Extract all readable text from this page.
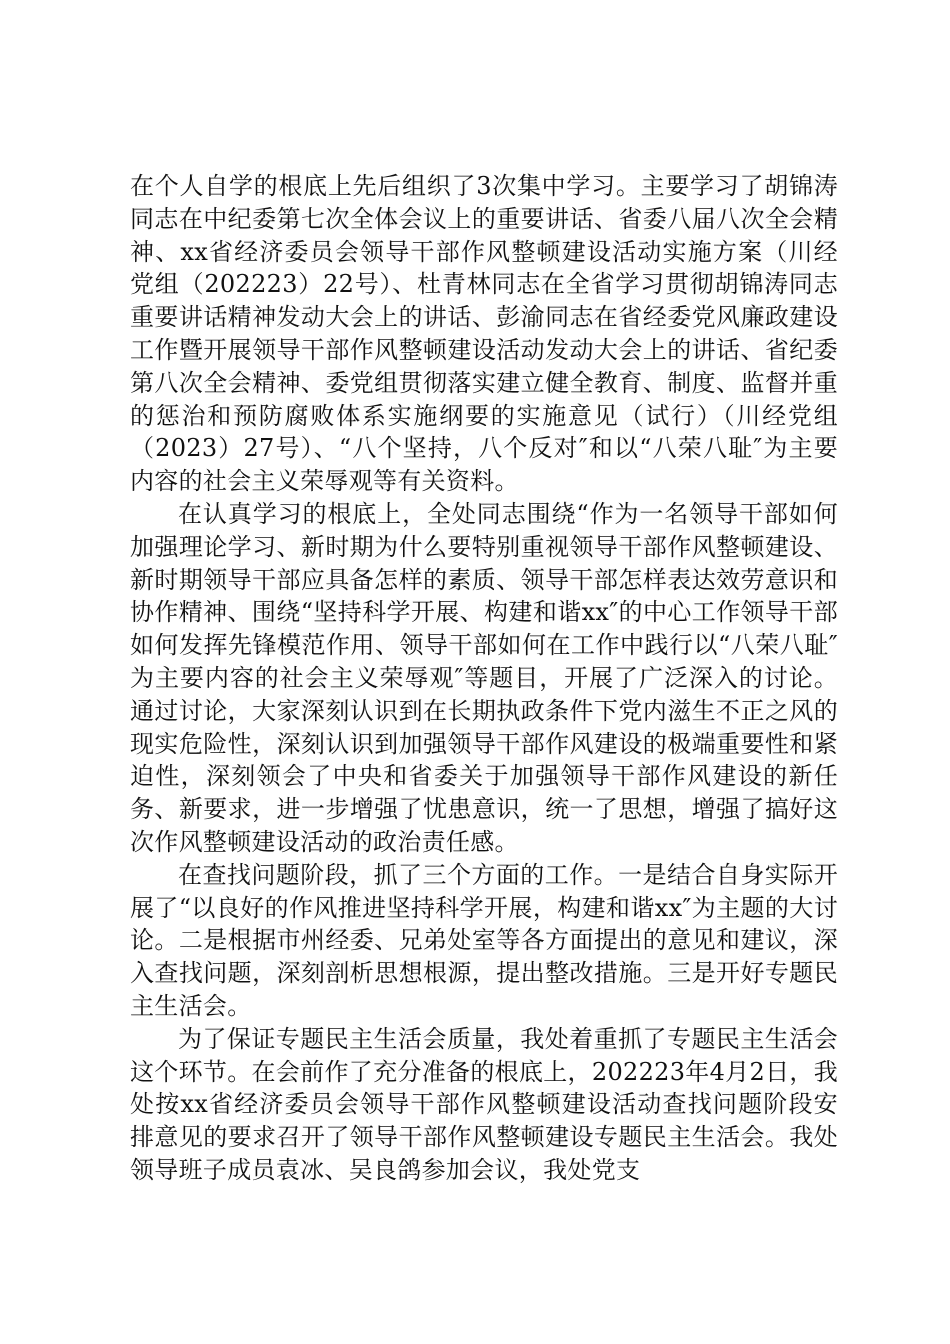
在个人自学的根底上先后组织了3次集中学习。主要学习了胡锦涛同志在中纪委第七次全体会议上的重要讲话、省委八届八次全会精神、xx省经济委员会领导干部作风整顿建设活动实施方案（川经党组（202223）22号）、杜青林同志在全省学习贯彻胡锦涛同志重要讲话精神发动大会上的讲话、彭渝同志在省经委党风廉政建设工作暨开展领导干部作风整顿建设活动发动大会上的讲话、省纪委第八次全会精神、委党组贯彻落实建立健全教育、制度、监督并重的惩治和预防腐败体系实施纲要的实施意见（试行）（川经党组（2023）27号）、“八个坚持，八个反对″和以“八荣八耻″为主要内容的社会主义荣辱观等有关资料。

在认真学习的根底上，全处同志围绕“作为一名领导干部如何加强理论学习、新时期为什么要特别重视领导干部作风整顿建设、新时期领导干部应具备怎样的素质、领导干部怎样表达效劳意识和协作精神、围绕“坚持科学开展、构建和谐xx″的中心工作领导干部如何发挥先锋模范作用、领导干部如何在工作中践行以“八荣八耻″为主要内容的社会主义荣辱观″等题目，开展了广泛深入的讨论。通过讨论，大家深刻认识到在长期执政条件下党内滋生不正之风的现实危险性，深刻认识到加强领导干部作风建设的极端重要性和紧迫性，深刻领会了中央和省委关于加强领导干部作风建设的新任务、新要求，进一步增强了忧患意识，统一了思想，增强了搞好这次作风整顿建设活动的政治责任感。

在查找问题阶段，抓了三个方面的工作。一是结合自身实际开展了“以良好的作风推进坚持科学开展，构建和谐xx″为主题的大讨论。二是根据市州经委、兄弟处室等各方面提出的意见和建议，深入查找问题，深刻剖析思想根源，提出整改措施。三是开好专题民主生活会。

为了保证专题民主生活会质量，我处着重抓了专题民主生活会这个环节。在会前作了充分准备的根底上，202223年4月2日，我处按xx省经济委员会领导干部作风整顿建设活动查找问题阶段安排意见的要求召开了领导干部作风整顿建设专题民主生活会。我处领导班子成员袁冰、吴良鸽参加会议，我处党支
